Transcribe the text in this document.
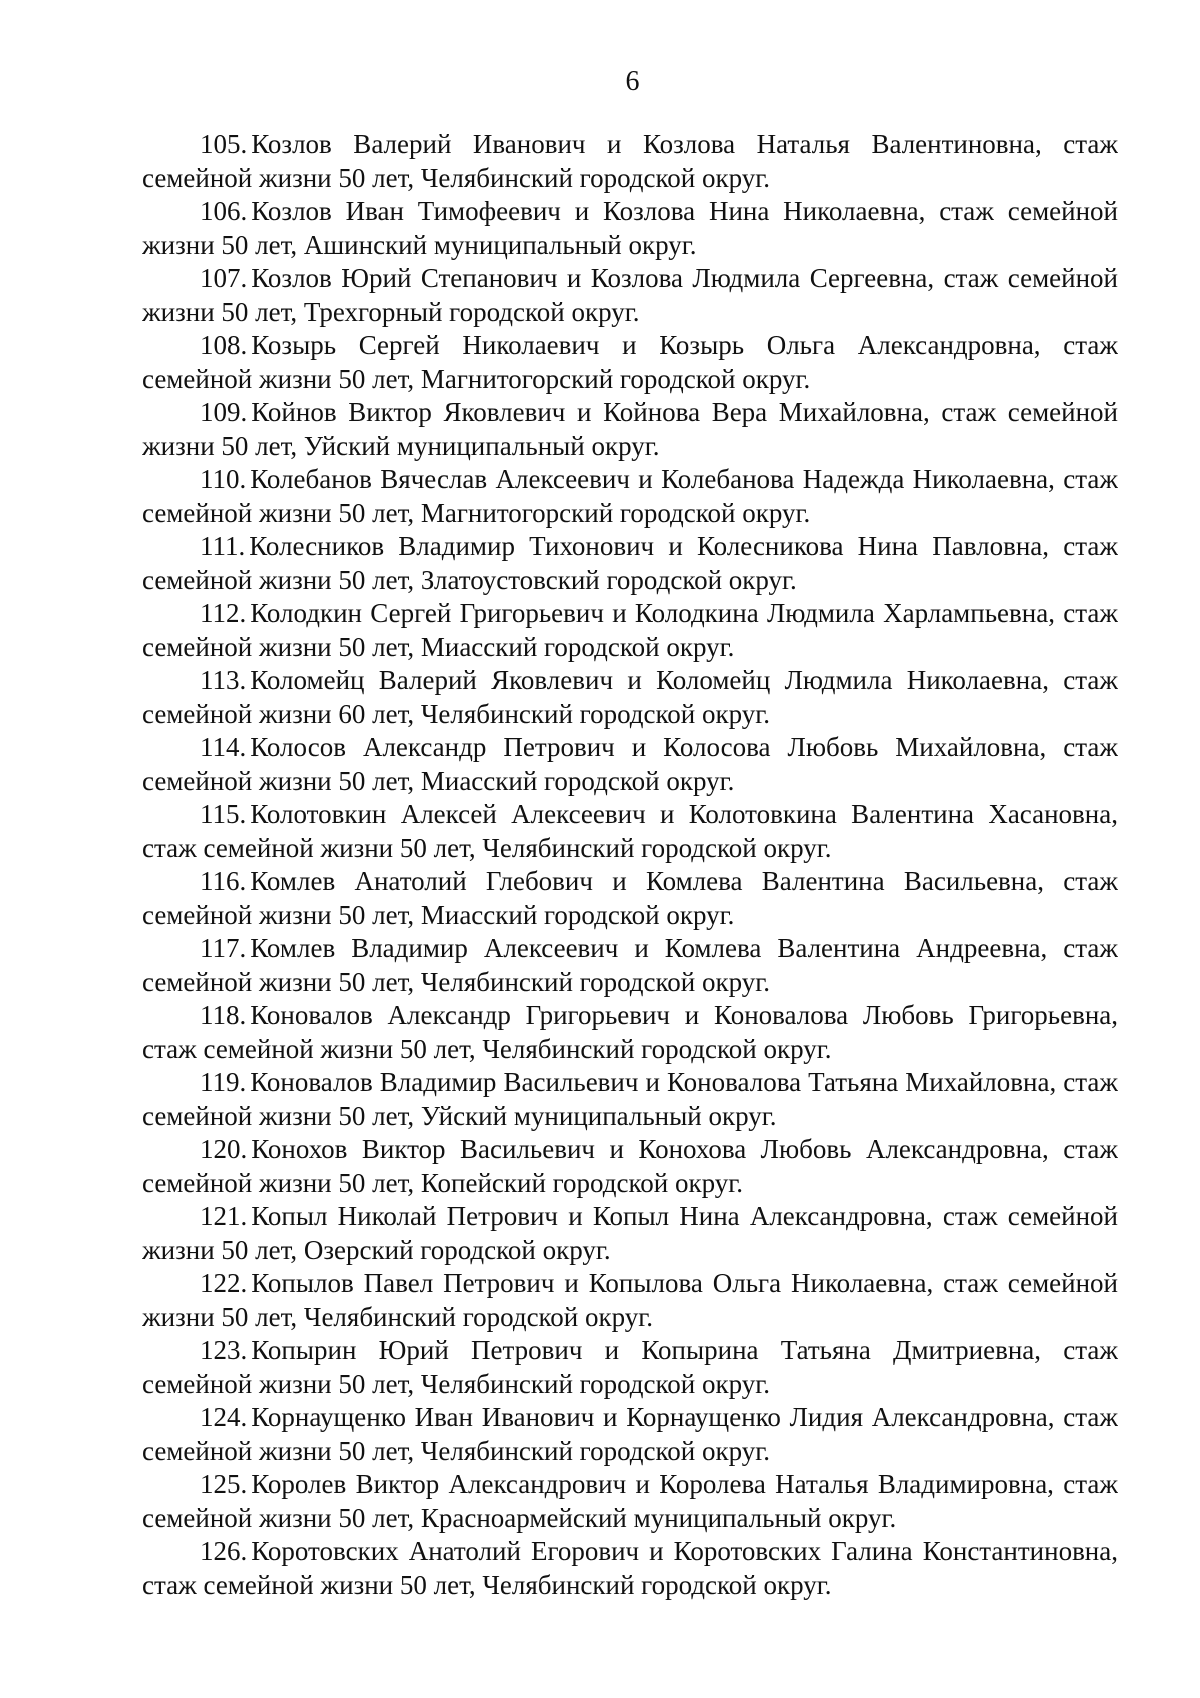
6

105. Козлов Валерий Иванович и Козлова Наталья Валентиновна, стаж семейной жизни 50 лет, Челябинский городской округ.

106. Козлов Иван Тимофеевич и Козлова Нина Николаевна, стаж семейной жизни 50 лет, Ашинский муниципальный округ.

107. Козлов Юрий Степанович и Козлова Людмила Сергеевна, стаж семейной жизни 50 лет, Трехгорный городской округ.

108. Козырь Сергей Николаевич и Козырь Ольга Александровна, стаж семейной жизни 50 лет, Магнитогорский городской округ.

109. Койнов Виктор Яковлевич и Койнова Вера Михайловна, стаж семейной жизни 50 лет, Уйский муниципальный округ.

110. Колебанов Вячеслав Алексеевич и Колебанова Надежда Николаевна, стаж семейной жизни 50 лет, Магнитогорский городской округ.

111. Колесников Владимир Тихонович и Колесникова Нина Павловна, стаж семейной жизни 50 лет, Златоустовский городской округ.

112. Колодкин Сергей Григорьевич и Колодкина Людмила Харлампьевна, стаж семейной жизни 50 лет, Миасский городской округ.

113. Коломейц Валерий Яковлевич и Коломейц Людмила Николаевна, стаж семейной жизни 60 лет, Челябинский городской округ.

114. Колосов Александр Петрович и Колосова Любовь Михайловна, стаж семейной жизни 50 лет, Миасский городской округ.

115. Колотовкин Алексей Алексеевич и Колотовкина Валентина Хасановна, стаж семейной жизни 50 лет, Челябинский городской округ.

116. Комлев Анатолий Глебович и Комлева Валентина Васильевна, стаж семейной жизни 50 лет, Миасский городской округ.

117. Комлев Владимир Алексеевич и Комлева Валентина Андреевна, стаж семейной жизни 50 лет, Челябинский городской округ.

118. Коновалов Александр Григорьевич и Коновалова Любовь Григорьевна, стаж семейной жизни 50 лет, Челябинский городской округ.

119. Коновалов Владимир Васильевич и Коновалова Татьяна Михайловна, стаж семейной жизни 50 лет, Уйский муниципальный округ.

120. Конохов Виктор Васильевич и Конохова Любовь Александровна, стаж семейной жизни 50 лет, Копейский городской округ.

121. Копыл Николай Петрович и Копыл Нина Александровна, стаж семейной жизни 50 лет, Озерский городской округ.

122. Копылов Павел Петрович и Копылова Ольга Николаевна, стаж семейной жизни 50 лет, Челябинский городской округ.

123. Копырин Юрий Петрович и Копырина Татьяна Дмитриевна, стаж семейной жизни 50 лет, Челябинский городской округ.

124. Корнаущенко Иван Иванович и Корнаущенко Лидия Александровна, стаж семейной жизни 50 лет, Челябинский городской округ.

125. Королев Виктор Александрович и Королева Наталья Владимировна, стаж семейной жизни 50 лет, Красноармейский муниципальный округ.

126. Коротовских Анатолий Егорович и Коротовских Галина Константиновна, стаж семейной жизни 50 лет, Челябинский городской округ.
